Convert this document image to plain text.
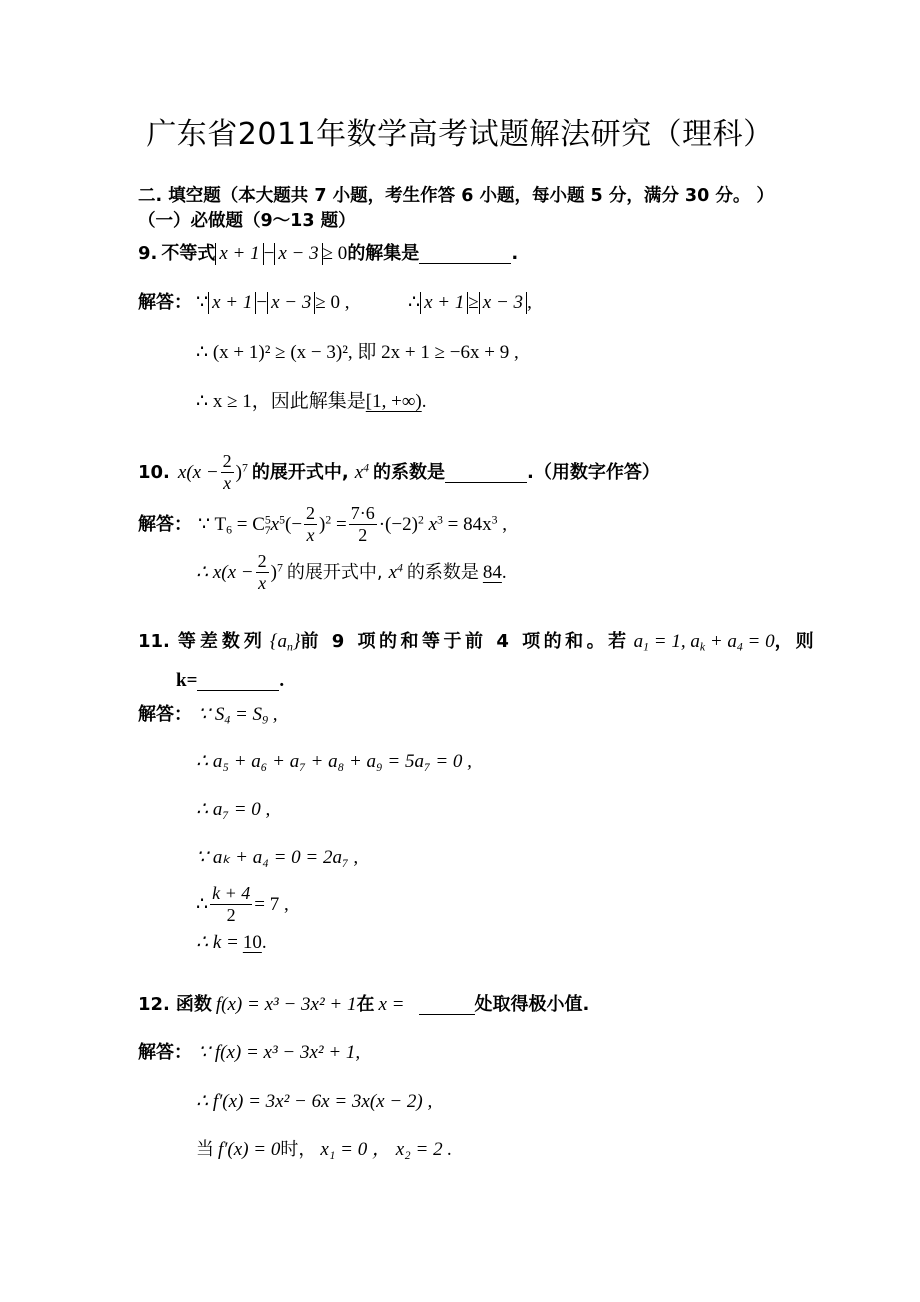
广东省2011年数学高考试题解法研究（理科）
二. 填空题（本大题共 7 小题，考生作答 6 小题，每小题 5 分，满分 30 分。 ）
（一）必做题（9～13 题）
9. 不等式 x + 1 − x − 3 ≥ 0的解集是	.
解答： ∵ x + 1 − x − 3 ≥ 0 ,	∴ x + 1 ≥ x − 3 ,
∴ (x + 1)² ≥ (x − 3)², 即 2x + 1 ≥ −6x + 9 ,
∴ x ≥ 1，因此解集是[1, +∞).
10. $x(x - \frac{2}{x} )^7$ 的展开式中, $x^4$ 的系数是	.（用数字作答）
解答： ∵ $T_6 = C^5_7x^5(- \frac{2}{x} )^2 = \frac{7\cdot 6}{2} \cdot(-2)^2$ $x^3 = 84x^3$ ,
∴ $x(x - \frac{2}{x} )^7$ 的展开式中, $x^4$ 的系数是 84 .
11. 等差数列 $\{a_n\}$前 9 项的和等于前 4 项的和。若 $a_1 = 1$, $a_k + a_4 = 0$，则
k=	.
解答： ∵ $S_4 = S_9$ ,
∴ a₅ + a₆ + a₇ + a₈ + a₉ = 5a₇ = 0 ,
∴ a₇ = 0 ,
∵ aₖ + a₄ = 0 = 2a₇ ,
∴ $\frac{k + 4}{2} = 7$ ,
∴ k = 10.
12. 函数 f(x) = x³ − 3x² + 1在 x =	处取得极小值.
解答： ∵ f(x) = x³ − 3x² + 1,
∴ f′(x) = 3x² − 6x = 3x(x − 2) ,
当 f′(x) = 0时， x₁ = 0 ， x₂ = 2 .
